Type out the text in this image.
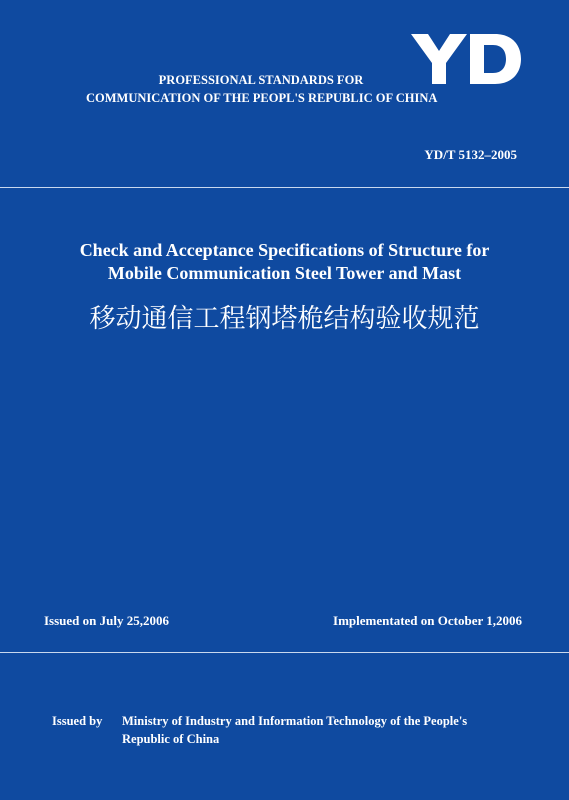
PROFESSIONAL STANDARDS FOR
COMMUNICATION OF THE PEOPL'S REPUBLIC OF CHINA
YD/T 5132–2005
Check and Acceptance Specifications of Structure for
Mobile Communication Steel Tower and Mast
移动通信工程钢塔桅结构验收规范
Issued on July 25,2006	Implementated on October 1,2006
Issued by Ministry of Industry and Information Technology of the People's
Republic of China
